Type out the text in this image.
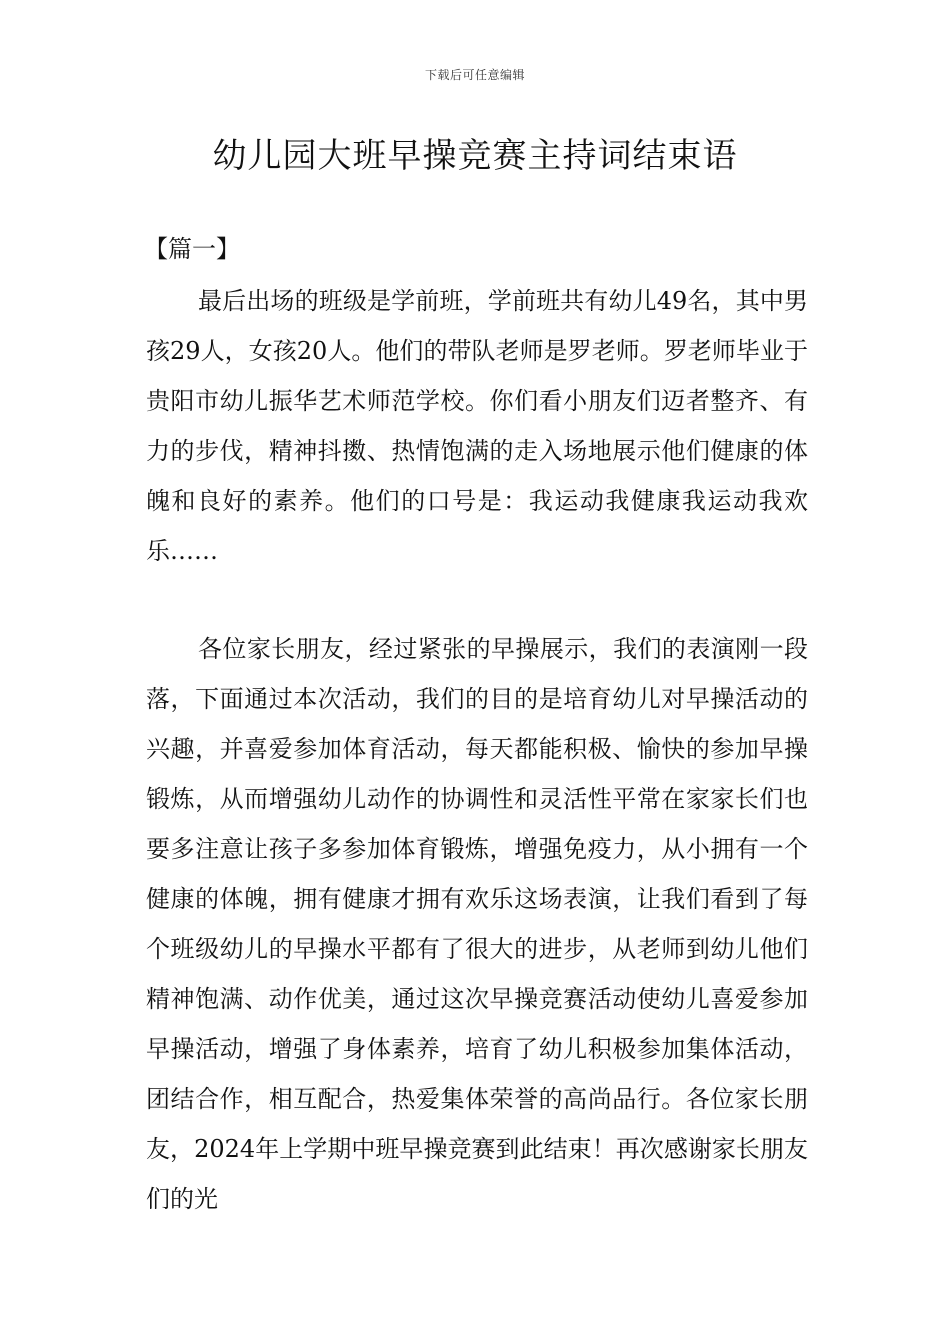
下载后可任意编辑
幼儿园大班早操竞赛主持词结束语
【篇一】

最后出场的班级是学前班，学前班共有幼儿49名，其中男孩29人，女孩20人。他们的带队老师是罗老师。罗老师毕业于贵阳市幼儿振华艺术师范学校。你们看小朋友们迈者整齐、有力的步伐，精神抖擞、热情饱满的走入场地展示他们健康的体魄和良好的素养。他们的口号是：我运动我健康我运动我欢乐……

各位家长朋友，经过紧张的早操展示，我们的表演刚一段落，下面通过本次活动，我们的目的是培育幼儿对早操活动的兴趣，并喜爱参加体育活动，每天都能积极、愉快的参加早操锻炼，从而增强幼儿动作的协调性和灵活性平常在家家长们也要多注意让孩子多参加体育锻炼，增强免疫力，从小拥有一个健康的体魄，拥有健康才拥有欢乐这场表演，让我们看到了每个班级幼儿的早操水平都有了很大的进步，从老师到幼儿他们精神饱满、动作优美，通过这次早操竞赛活动使幼儿喜爱参加早操活动，增强了身体素养，培育了幼儿积极参加集体活动，团结合作，相互配合，热爱集体荣誉的高尚品行。各位家长朋友，2024年上学期中班早操竞赛到此结束！再次感谢家长朋友们的光
